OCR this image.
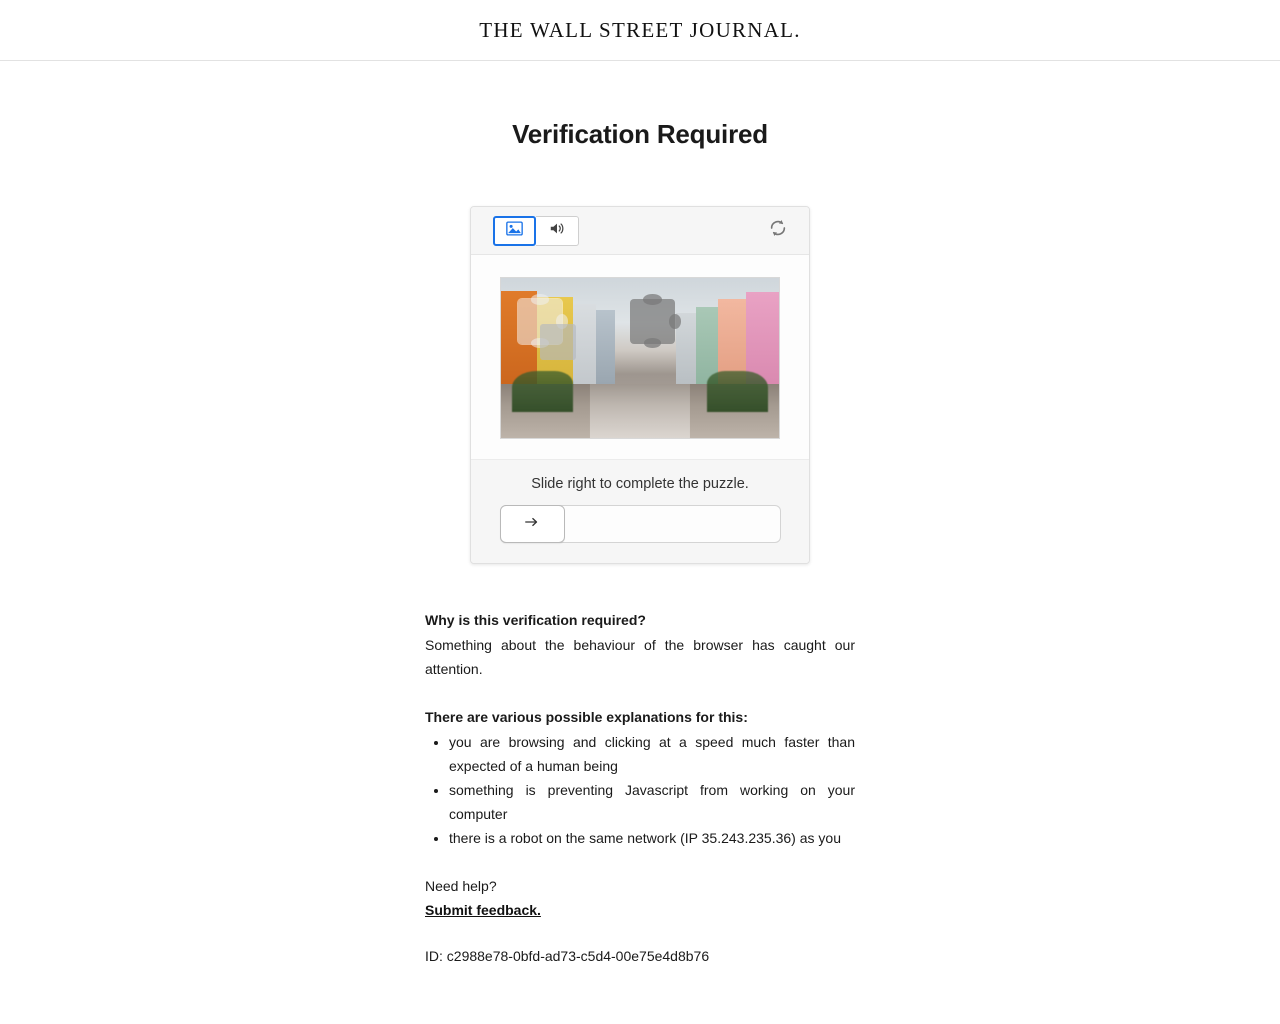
THE WALL STREET JOURNAL.
Verification Required
Slide right to complete the puzzle.
Why is this verification required?

Something about the behaviour of the browser has caught our attention.

There are various possible explanations for this:
• you are browsing and clicking at a speed much faster than expected of a human being
• something is preventing Javascript from working on your computer
• there is a robot on the same network (IP 35.243.235.36) as you
Need help?
Submit feedback.
ID: c2988e78-0bfd-ad73-c5d4-00e75e4d8b76
